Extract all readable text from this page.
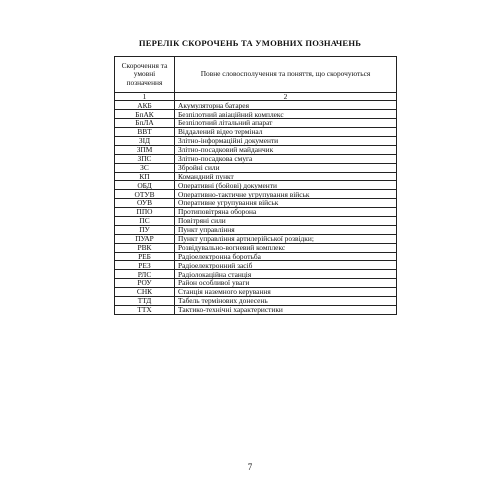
ПЕРЕЛІК СКОРОЧЕНЬ ТА УМОВНИХ ПОЗНАЧЕНЬ
Скорочення та умовні позначення	Повне словосполучення та поняття, що скорочуються
1	2
АКБ	Акумуляторна батарея
БпАК	Безпілотний авіаційний комплекс
БпЛА	Безпілотний літальний апарат
ВВТ	Віддалений відео термінал
ЗІД	Злітно-інформаційні документи
ЗПМ	Злітно-посадковий майданчик
ЗПС	Злітно-посадкова смуга
ЗС	Збройні сили
КП	Командний пункт
ОБД	Оперативні (бойові) документи
ОТУВ	Оперативно-тактичне угрупування військ
ОУВ	Оперативне угрупування військ
ППО	Протиповітряна оборона
ПС	Повітряні сили
ПУ	Пункт управління
ПУАР	Пункт управління артилерійської розвідки;
РВК	Розвідувально-вогневий комплекс
РЕБ	Радіоелектронна боротьба
РЕЗ	Радіоелектронний засіб
РЛС	Радіолокаційна станція
РОУ	Район особливої уваги
СНК	Станція наземного керування
ТТД	Табель термінових донесень
ТТХ	Тактико-технічні характеристики
7
